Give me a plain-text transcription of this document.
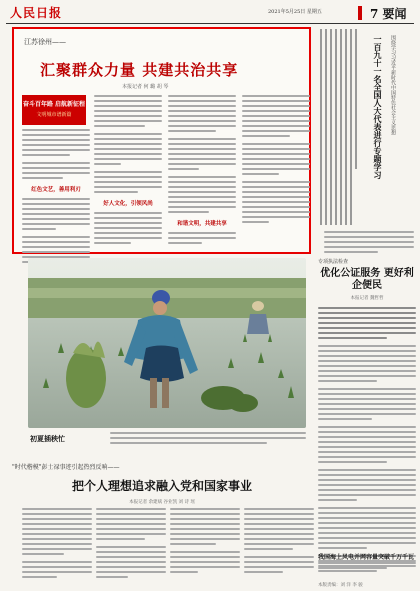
人民日报	2021年5月25日 星期五	7 要闻
江苏徐州——
汇聚群众力量 共建共治共享
本报记者 何 璐 胡 琴
奋斗百年路 启航新征程
文明城市谱新篇
红色文艺，善用利刃
好人文化，引领风尚
和谐文明，共建共享
一百九十一名全国人大代表进行专题学习	围绕学习习近平新时代中国特色社会主义思想
初夏插秧忙
专项执法检查
优化公证服务 更好利企便民
本报记者 魏哲哲
我国海上风电并网容量突破千万千瓦
"时代楷模"彭士禄事迹引起热烈反响——
把个人理想追求融入党和国家事业
本报记者 余建斌 谷业凯 刘 诗 瑶
本版责编：刘 洋 李 骏
